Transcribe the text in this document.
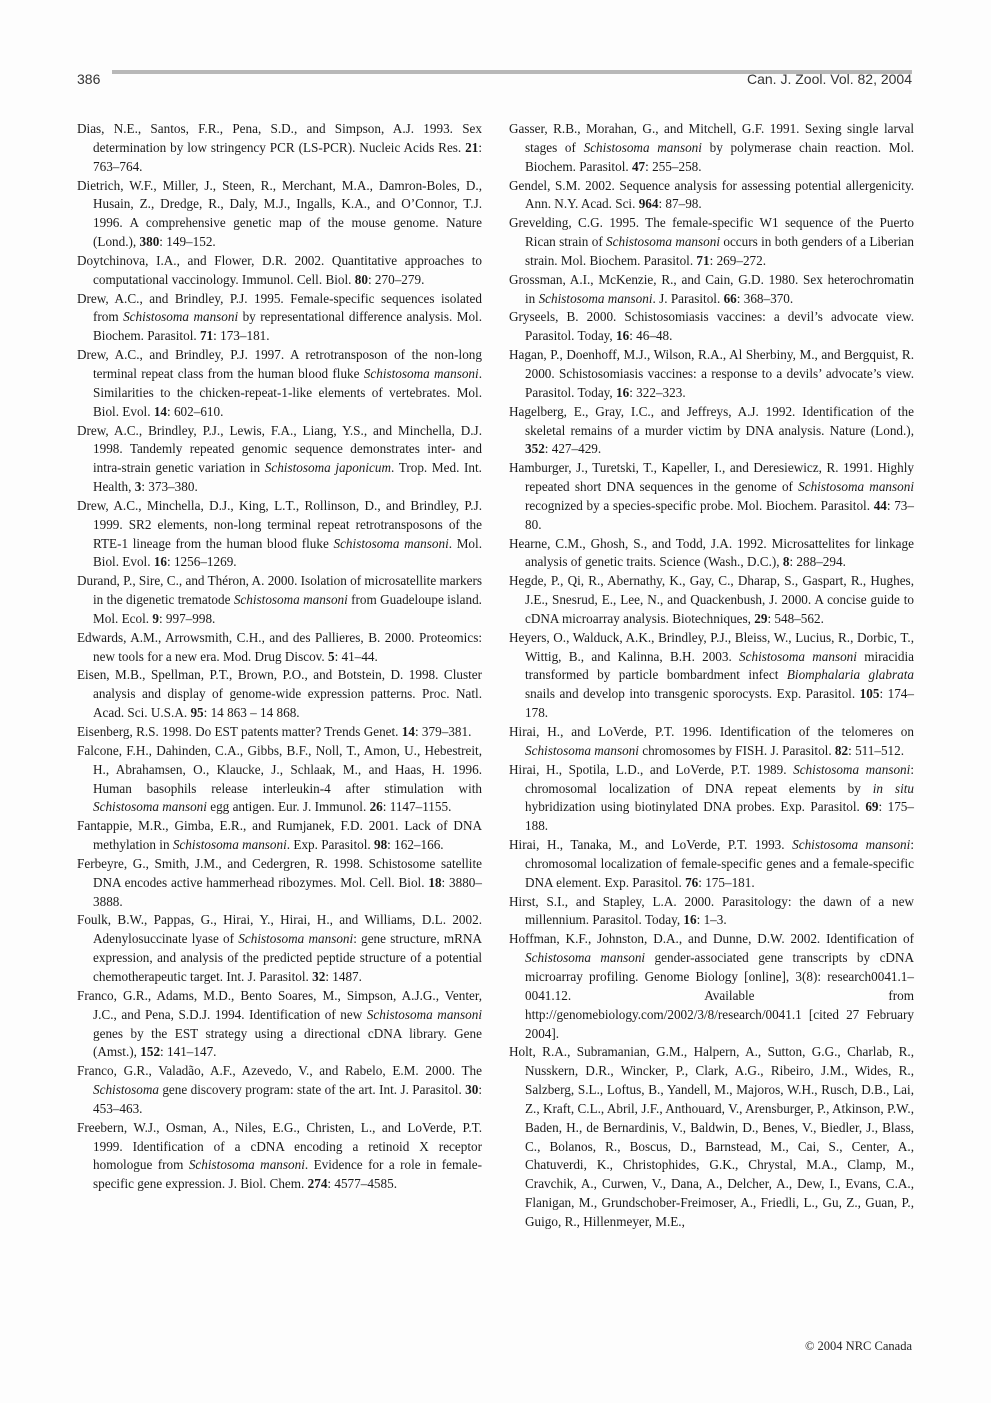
386	Can. J. Zool. Vol. 82, 2004

Dias, N.E., Santos, F.R., Pena, S.D., and Simpson, A.J. 1993. Sex determination by low stringency PCR (LS-PCR). Nucleic Acids Res. 21: 763–764.

Dietrich, W.F., Miller, J., Steen, R., Merchant, M.A., Damron-Boles, D., Husain, Z., Dredge, R., Daly, M.J., Ingalls, K.A., and O’Connor, T.J. 1996. A comprehensive genetic map of the mouse genome. Nature (Lond.), 380: 149–152.

Doytchinova, I.A., and Flower, D.R. 2002. Quantitative approaches to computational vaccinology. Immunol. Cell. Biol. 80: 270–279.

Drew, A.C., and Brindley, P.J. 1995. Female-specific sequences isolated from Schistosoma mansoni by representational difference analysis. Mol. Biochem. Parasitol. 71: 173–181.

Drew, A.C., and Brindley, P.J. 1997. A retrotransposon of the non-long terminal repeat class from the human blood fluke Schistosoma mansoni. Similarities to the chicken-repeat-1-like elements of vertebrates. Mol. Biol. Evol. 14: 602–610.

Drew, A.C., Brindley, P.J., Lewis, F.A., Liang, Y.S., and Minchella, D.J. 1998. Tandemly repeated genomic sequence demonstrates inter- and intra-strain genetic variation in Schistosoma japonicum. Trop. Med. Int. Health, 3: 373–380.

Drew, A.C., Minchella, D.J., King, L.T., Rollinson, D., and Brindley, P.J. 1999. SR2 elements, non-long terminal repeat retrotransposons of the RTE-1 lineage from the human blood fluke Schistosoma mansoni. Mol. Biol. Evol. 16: 1256–1269.

Durand, P., Sire, C., and Théron, A. 2000. Isolation of microsatellite markers in the digenetic trematode Schistosoma mansoni from Guadeloupe island. Mol. Ecol. 9: 997–998.

Edwards, A.M., Arrowsmith, C.H., and des Pallieres, B. 2000. Proteomics: new tools for a new era. Mod. Drug Discov. 5: 41–44.

Eisen, M.B., Spellman, P.T., Brown, P.O., and Botstein, D. 1998. Cluster analysis and display of genome-wide expression patterns. Proc. Natl. Acad. Sci. U.S.A. 95: 14 863 – 14 868.

Eisenberg, R.S. 1998. Do EST patents matter? Trends Genet. 14: 379–381.

Falcone, F.H., Dahinden, C.A., Gibbs, B.F., Noll, T., Amon, U., Hebestreit, H., Abrahamsen, O., Klaucke, J., Schlaak, M., and Haas, H. 1996. Human basophils release interleukin-4 after stimulation with Schistosoma mansoni egg antigen. Eur. J. Immunol. 26: 1147–1155.

Fantappie, M.R., Gimba, E.R., and Rumjanek, F.D. 2001. Lack of DNA methylation in Schistosoma mansoni. Exp. Parasitol. 98: 162–166.

Ferbeyre, G., Smith, J.M., and Cedergren, R. 1998. Schistosome satellite DNA encodes active hammerhead ribozymes. Mol. Cell. Biol. 18: 3880–3888.

Foulk, B.W., Pappas, G., Hirai, Y., Hirai, H., and Williams, D.L. 2002. Adenylosuccinate lyase of Schistosoma mansoni: gene structure, mRNA expression, and analysis of the predicted peptide structure of a potential chemotherapeutic target. Int. J. Parasitol. 32: 1487.

Franco, G.R., Adams, M.D., Bento Soares, M., Simpson, A.J.G., Venter, J.C., and Pena, S.D.J. 1994. Identification of new Schistosoma mansoni genes by the EST strategy using a directional cDNA library. Gene (Amst.), 152: 141–147.

Franco, G.R., Valadão, A.F., Azevedo, V., and Rabelo, E.M. 2000. The Schistosoma gene discovery program: state of the art. Int. J. Parasitol. 30: 453–463.

Freebern, W.J., Osman, A., Niles, E.G., Christen, L., and LoVerde, P.T. 1999. Identification of a cDNA encoding a retinoid X receptor homologue from Schistosoma mansoni. Evidence for a role in female-specific gene expression. J. Biol. Chem. 274: 4577–4585.

Gasser, R.B., Morahan, G., and Mitchell, G.F. 1991. Sexing single larval stages of Schistosoma mansoni by polymerase chain reaction. Mol. Biochem. Parasitol. 47: 255–258.

Gendel, S.M. 2002. Sequence analysis for assessing potential allergenicity. Ann. N.Y. Acad. Sci. 964: 87–98.

Grevelding, C.G. 1995. The female-specific W1 sequence of the Puerto Rican strain of Schistosoma mansoni occurs in both genders of a Liberian strain. Mol. Biochem. Parasitol. 71: 269–272.

Grossman, A.I., McKenzie, R., and Cain, G.D. 1980. Sex heterochromatin in Schistosoma mansoni. J. Parasitol. 66: 368–370.

Gryseels, B. 2000. Schistosomiasis vaccines: a devil’s advocate view. Parasitol. Today, 16: 46–48.

Hagan, P., Doenhoff, M.J., Wilson, R.A., Al Sherbiny, M., and Bergquist, R. 2000. Schistosomiasis vaccines: a response to a devils’ advocate’s view. Parasitol. Today, 16: 322–323.

Hagelberg, E., Gray, I.C., and Jeffreys, A.J. 1992. Identification of the skeletal remains of a murder victim by DNA analysis. Nature (Lond.), 352: 427–429.

Hamburger, J., Turetski, T., Kapeller, I., and Deresiewicz, R. 1991. Highly repeated short DNA sequences in the genome of Schistosoma mansoni recognized by a species-specific probe. Mol. Biochem. Parasitol. 44: 73–80.

Hearne, C.M., Ghosh, S., and Todd, J.A. 1992. Microsattelites for linkage analysis of genetic traits. Science (Wash., D.C.), 8: 288–294.

Hegde, P., Qi, R., Abernathy, K., Gay, C., Dharap, S., Gaspart, R., Hughes, J.E., Snesrud, E., Lee, N., and Quackenbush, J. 2000. A concise guide to cDNA microarray analysis. Biotechniques, 29: 548–562.

Heyers, O., Walduck, A.K., Brindley, P.J., Bleiss, W., Lucius, R., Dorbic, T., Wittig, B., and Kalinna, B.H. 2003. Schistosoma mansoni miracidia transformed by particle bombardment infect Biomphalaria glabrata snails and develop into transgenic sporocysts. Exp. Parasitol. 105: 174–178.

Hirai, H., and LoVerde, P.T. 1996. Identification of the telomeres on Schistosoma mansoni chromosomes by FISH. J. Parasitol. 82: 511–512.

Hirai, H., Spotila, L.D., and LoVerde, P.T. 1989. Schistosoma mansoni: chromosomal localization of DNA repeat elements by in situ hybridization using biotinylated DNA probes. Exp. Parasitol. 69: 175–188.

Hirai, H., Tanaka, M., and LoVerde, P.T. 1993. Schistosoma mansoni: chromosomal localization of female-specific genes and a female-specific DNA element. Exp. Parasitol. 76: 175–181.

Hirst, S.I., and Stapley, L.A. 2000. Parasitology: the dawn of a new millennium. Parasitol. Today, 16: 1–3.

Hoffman, K.F., Johnston, D.A., and Dunne, D.W. 2002. Identification of Schistosoma mansoni gender-associated gene transcripts by cDNA microarray profiling. Genome Biology [online], 3(8): research0041.1–0041.12. Available from http://genomebiology.com/2002/3/8/research/0041.1 [cited 27 February 2004].

Holt, R.A., Subramanian, G.M., Halpern, A., Sutton, G.G., Charlab, R., Nusskern, D.R., Wincker, P., Clark, A.G., Ribeiro, J.M., Wides, R., Salzberg, S.L., Loftus, B., Yandell, M., Majoros, W.H., Rusch, D.B., Lai, Z., Kraft, C.L., Abril, J.F., Anthouard, V., Arensburger, P., Atkinson, P.W., Baden, H., de Bernardinis, V., Baldwin, D., Benes, V., Biedler, J., Blass, C., Bolanos, R., Boscus, D., Barnstead, M., Cai, S., Center, A., Chatuverdi, K., Christophides, G.K., Chrystal, M.A., Clamp, M., Cravchik, A., Curwen, V., Dana, A., Delcher, A., Dew, I., Evans, C.A., Flanigan, M., Grundschober-Freimoser, A., Friedli, L., Gu, Z., Guan, P., Guigo, R., Hillenmeyer, M.E.,

© 2004 NRC Canada
